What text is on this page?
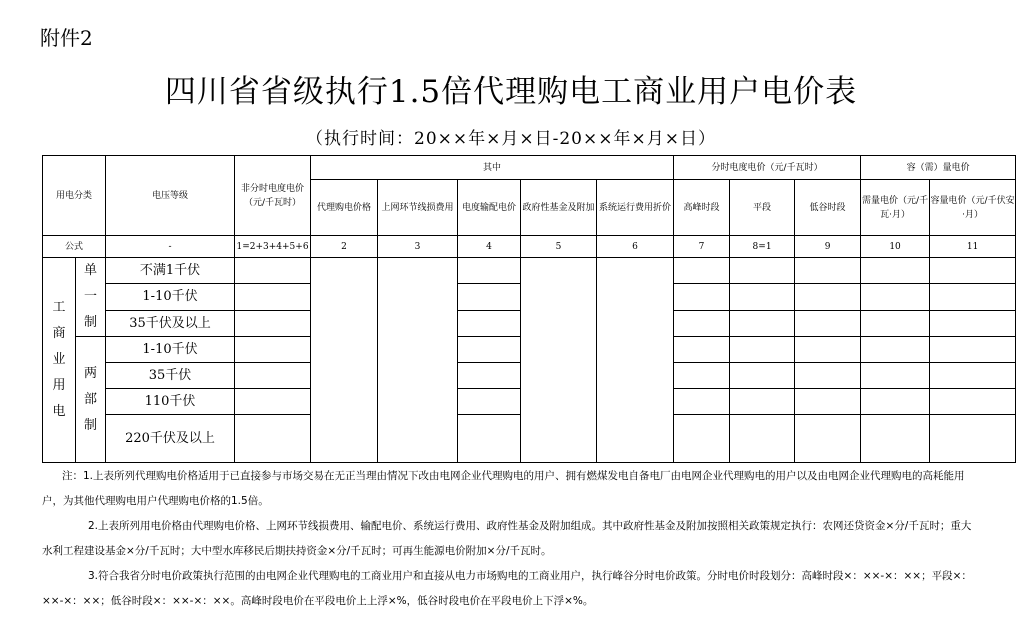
附件2
四川省省级执行1.5倍代理购电工商业用户电价表
（执行时间：20××年×月×日-20××年×月×日）
用电分类		电压等级	非分时电度电价（元/千瓦时）	其中					分时电度电价（元/千瓦时）			容（需）量电价	
				代理购电价格	上网环节线损费用	电度输配电价	政府性基金及附加	系统运行费用折价	高峰时段	平段	低谷时段	需量电价（元/千瓦·月）	容量电价（元/千伏安·月）
公式		-	1=2+3+4+5+6	2	3	4	5	6	7	8=1	9	10	11

工商业用电	单一制	不满1千伏											
		1-10千伏											
		35千伏及以上											

	两部制	1-10千伏											
		35千伏											
		110千伏											
		220千伏及以上											

注：1.上表所列代理购电价格适用于已直接参与市场交易在无正当理由情况下改由电网企业代理购电的用户、拥有燃煤发电自备电厂由电网企业代理购电的用户以及由电网企业代理购电的高耗能用户，为其他代理购电用户代理购电价格的1.5倍。

2.上表所列用电价格由代理购电价格、上网环节线损费用、输配电价、系统运行费用、政府性基金及附加组成。其中政府性基金及附加按照相关政策规定执行：农网还贷资金×分/千瓦时；重大水利工程建设基金×分/千瓦时；大中型水库移民后期扶持资金×分/千瓦时；可再生能源电价附加×分/千瓦时。

3.符合我省分时电价政策执行范围的由电网企业代理购电的工商业用户和直接从电力市场购电的工商业用户，执行峰谷分时电价政策。分时电价时段划分：高峰时段×：××-×：××；平段×：××-×：××；低谷时段×：××-×：××。高峰时段电价在平段电价上上浮×%，低谷时段电价在平段电价上下浮×%。
